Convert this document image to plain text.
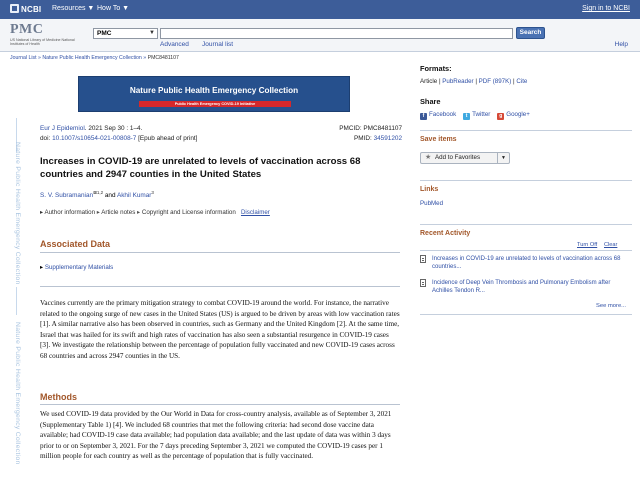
NCBI Resources ▼ How To ▼	Sign in to NCBI
PMC
US National Library of Medicine National Institutes of Health
PMC	▼	Search
Advanced Journal list	Help
Journal List » Nature Public Health Emergency Collection » PMC8481107
Nature Public Health Emergency Collection
Nature Public Health Emergency Collection
Nature Public Health Emergency Collection
Public Health Emergency COVID-19 Initiative
Eur J Epidemiol. 2021 Sep 30 : 1–4.
doi: 10.1007/s10654-021-00808-7 [Epub ahead of print]
PMCID: PMC8481107
PMID: 34591202
Increases in COVID-19 are unrelated to levels of vaccination across 68 countries and 2947 counties in the United States
S. V. Subramanian$^{⊠1,2}$ and Akhil Kumar$^3$
▸ Author information ▸ Article notes ▸ Copyright and License information Disclaimer
Associated Data
▸ Supplementary Materials
Vaccines currently are the primary mitigation strategy to combat COVID-19 around the world. For instance, the narrative related to the ongoing surge of new cases in the United States (US) is argued to be driven by areas with low vaccination rates [1]. A similar narrative also has been observed in countries, such as Germany and the United Kingdom [2]. At the same time, Israel that was hailed for its swift and high rates of vaccination has also seen a substantial resurgence in COVID-19 cases [3]. We investigate the relationship between the percentage of population fully vaccinated and new COVID-19 cases across 68 countries and across 2947 counties in the US.
Methods
We used COVID-19 data provided by the Our World in Data for cross-country analysis, available as of September 3, 2021 (Supplementary Table 1) [4]. We included 68 countries that met the following criteria: had second dose vaccine data available; had COVID-19 case data available; had population data available; and the last update of data was within 3 days prior to or on September 3, 2021. For the 7 days preceding September 3, 2021 we computed the COVID-19 cases per 1 million people for each country as well as the percentage of population that is fully vaccinated.
Formats:
Article | PubReader | PDF (897K) | Cite
Share
f Facebook t Twitter g Google+
Save items
★ Add to Favorites	▼
Links
PubMed
Recent Activity
Turn Off Clear
Increases in COVID-19 are unrelated to levels of vaccination across 68 countries...
Incidence of Deep Vein Thrombosis and Pulmonary Embolism after Achilles Tendon R...
See more...
